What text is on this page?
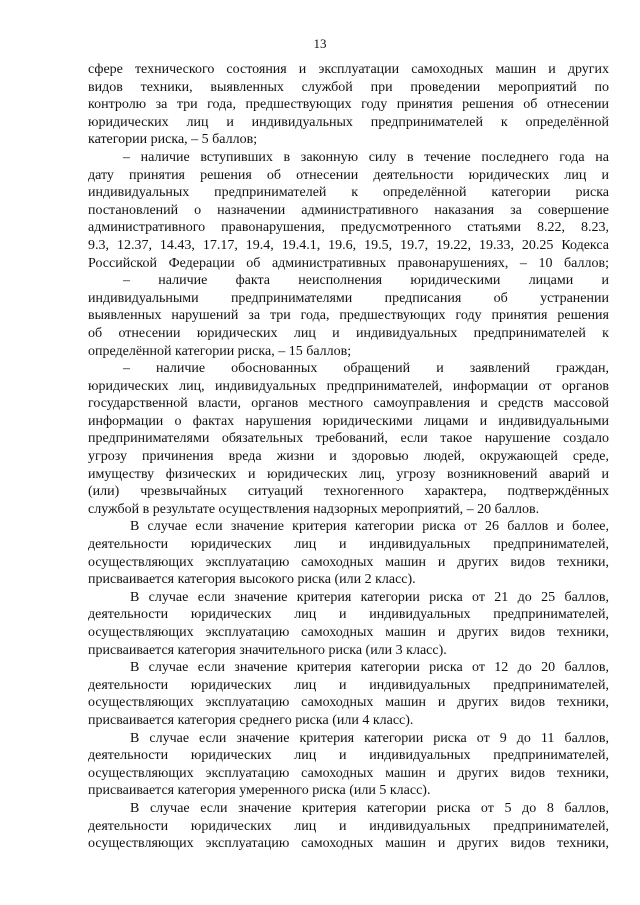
13
сфере технического состояния и эксплуатации самоходных машин и других
видов техники, выявленных службой при проведении мероприятий по
контролю за три года, предшествующих году принятия решения об отнесении
юридических лиц и индивидуальных предпринимателей к определённой
категории риска, – 5 баллов;
– наличие вступивших в законную силу в течение последнего года на
дату принятия решения об отнесении деятельности юридических лиц и
индивидуальных предпринимателей к определённой категории риска
постановлений о назначении административного наказания за совершение
административного правонарушения, предусмотренного статьями 8.22, 8.23,
9.3, 12.37, 14.43, 17.17, 19.4, 19.4.1, 19.6, 19.5, 19.7, 19.22, 19.33, 20.25 Кодекса
Российской Федерации об административных правонарушениях, – 10 баллов;
– наличие факта неисполнения юридическими лицами и
индивидуальными предпринимателями предписания об устранении
выявленных нарушений за три года, предшествующих году принятия решения
об отнесении юридических лиц и индивидуальных предпринимателей к
определённой категории риска, – 15 баллов;
– наличие обоснованных обращений и заявлений граждан,
юридических лиц, индивидуальных предпринимателей, информации от органов
государственной власти, органов местного самоуправления и средств массовой
информации о фактах нарушения юридическими лицами и индивидуальными
предпринимателями обязательных требований, если такое нарушение создало
угрозу причинения вреда жизни и здоровью людей, окружающей среде,
имуществу физических и юридических лиц, угрозу возникновений аварий и
(или) чрезвычайных ситуаций техногенного характера, подтверждённых
службой в результате осуществления надзорных мероприятий, – 20 баллов.
В случае если значение критерия категории риска от 26 баллов и более,
деятельности юридических лиц и индивидуальных предпринимателей,
осуществляющих эксплуатацию самоходных машин и других видов техники,
присваивается категория высокого риска (или 2 класс).
В случае если значение критерия категории риска от 21 до 25 баллов,
деятельности юридических лиц и индивидуальных предпринимателей,
осуществляющих эксплуатацию самоходных машин и других видов техники,
присваивается категория значительного риска (или 3 класс).
В случае если значение критерия категории риска от 12 до 20 баллов,
деятельности юридических лиц и индивидуальных предпринимателей,
осуществляющих эксплуатацию самоходных машин и других видов техники,
присваивается категория среднего риска (или 4 класс).
В случае если значение критерия категории риска от 9 до 11 баллов,
деятельности юридических лиц и индивидуальных предпринимателей,
осуществляющих эксплуатацию самоходных машин и других видов техники,
присваивается категория умеренного риска (или 5 класс).
В случае если значение критерия категории риска от 5 до 8 баллов,
деятельности юридических лиц и индивидуальных предпринимателей,
осуществляющих эксплуатацию самоходных машин и других видов техники,
